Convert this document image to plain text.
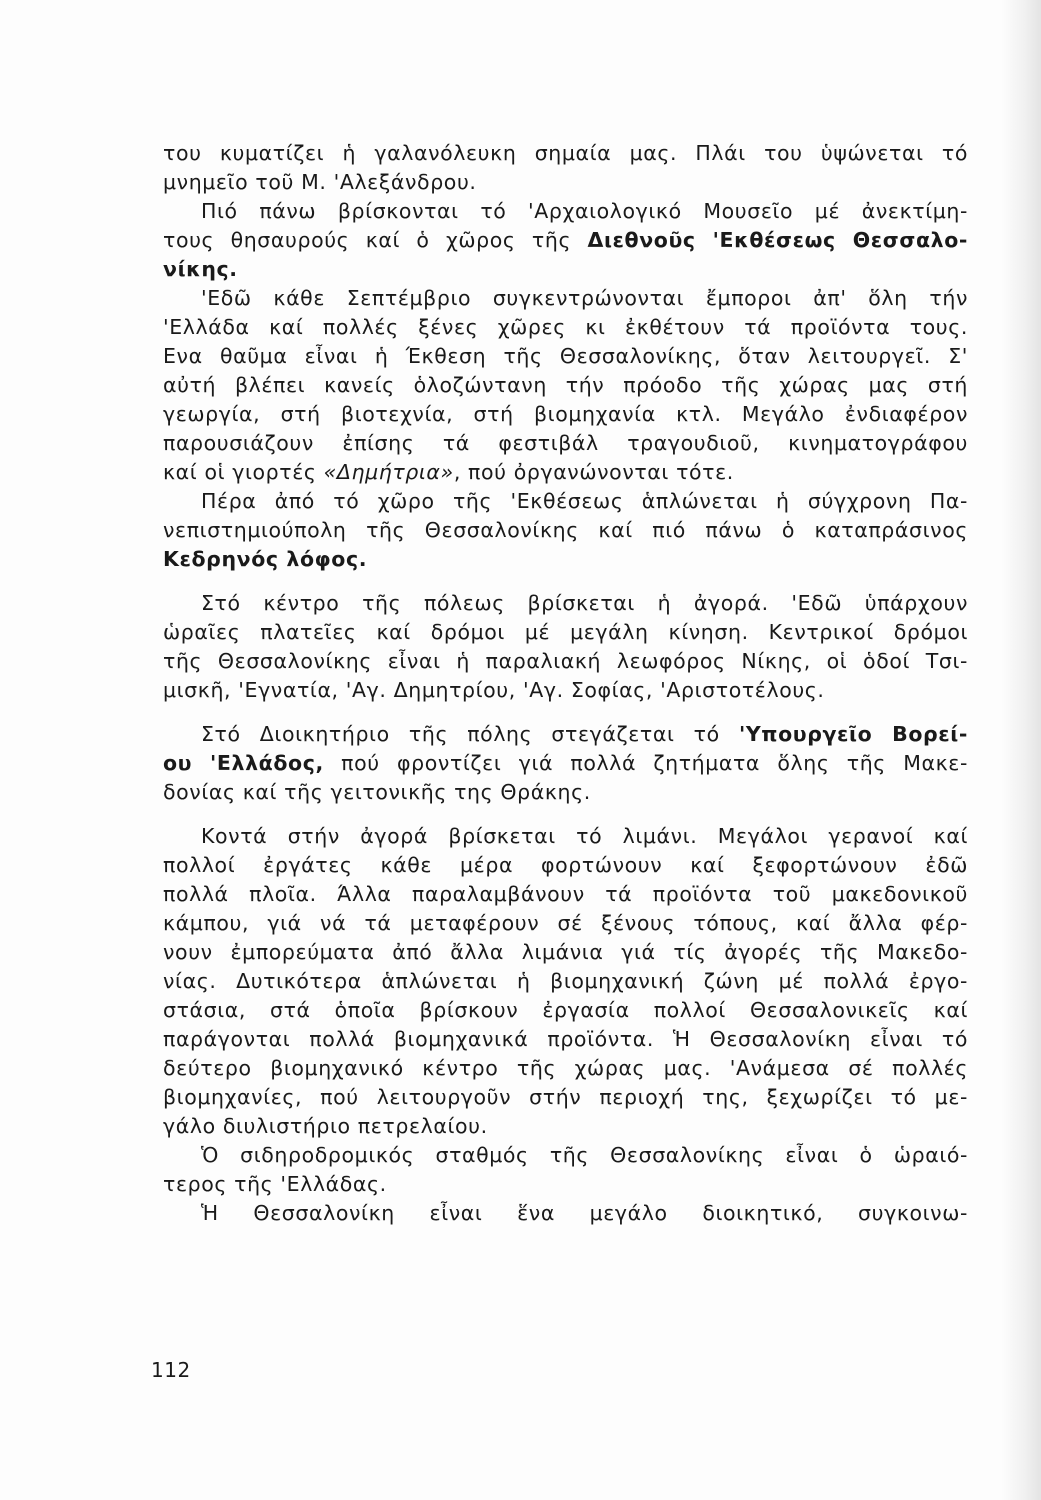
του κυματίζει ἡ γαλανόλευκη σημαία μας. Πλάι του ὑψώνεται τό
μνημεῖο τοῦ Μ. 'Αλεξάνδρου.
Πιό πάνω βρίσκονται τό 'Αρχαιολογικό Μουσεῖο μέ ἀνεκτίμη-
τους θησαυρούς καί ὁ χῶρος τῆς Διεθνοῦς 'Εκθέσεως Θεσσαλο-
νίκης.
'Εδῶ κάθε Σεπτέμβριο συγκεντρώνονται ἔμποροι ἀπ' ὅλη τήν
'Ελλάδα καί πολλές ξένες χῶρες κι ἐκθέτουν τά προϊόντα τους.
Ενα θαῦμα εἶναι ἡ Έκθεση τῆς Θεσσαλονίκης, ὅταν λειτουργεῖ. Σ'
αὐτή βλέπει κανείς ὁλοζώντανη τήν πρόοδο τῆς χώρας μας στή
γεωργία, στή βιοτεχνία, στή βιομηχανία κτλ. Μεγάλο ἐνδιαφέρον
παρουσιάζουν ἐπίσης τά φεστιβάλ τραγουδιοῦ, κινηματογράφου
καί οἱ γιορτές «Δημήτρια», πού ὀργανώνονται τότε.
Πέρα ἀπό τό χῶρο τῆς 'Εκθέσεως ἁπλώνεται ἡ σύγχρονη Πα-
νεπιστημιούπολη τῆς Θεσσαλονίκης καί πιό πάνω ὁ καταπράσινος
Κεδρηνός λόφος.
Στό κέντρο τῆς πόλεως βρίσκεται ἡ ἀγορά. 'Εδῶ ὑπάρχουν
ὡραῖες πλατεῖες καί δρόμοι μέ μεγάλη κίνηση. Κεντρικοί δρόμοι
τῆς Θεσσαλονίκης εἶναι ἡ παραλιακή λεωφόρος Νίκης, οἱ ὁδοί Τσι-
μισκῆ, 'Εγνατία, 'Αγ. Δημητρίου, 'Αγ. Σοφίας, 'Αριστοτέλους.
Στό Διοικητήριο τῆς πόλης στεγάζεται τό 'Υπουργεῖο Βορεί-
ου 'Ελλάδος, πού φροντίζει γιά πολλά ζητήματα ὅλης τῆς Μακε-
δονίας καί τῆς γειτονικῆς της Θράκης.
Κοντά στήν ἀγορά βρίσκεται τό λιμάνι. Μεγάλοι γερανοί καί
πολλοί ἐργάτες κάθε μέρα φορτώνουν καί ξεφορτώνουν ἐδῶ
πολλά πλοῖα. Άλλα παραλαμβάνουν τά προϊόντα τοῦ μακεδονικοῦ
κάμπου, γιά νά τά μεταφέρουν σέ ξένους τόπους, καί ἄλλα φέρ-
νουν ἐμπορεύματα ἀπό ἄλλα λιμάνια γιά τίς ἀγορές τῆς Μακεδο-
νίας. Δυτικότερα ἁπλώνεται ἡ βιομηχανική ζώνη μέ πολλά ἐργο-
στάσια, στά ὁποῖα βρίσκουν ἐργασία πολλοί Θεσσαλονικεῖς καί
παράγονται πολλά βιομηχανικά προϊόντα. Ἡ Θεσσαλονίκη εἶναι τό
δεύτερο βιομηχανικό κέντρο τῆς χώρας μας. 'Ανάμεσα σέ πολλές
βιομηχανίες, πού λειτουργοῦν στήν περιοχή της, ξεχωρίζει τό με-
γάλο διυλιστήριο πετρελαίου.
Ὁ σιδηροδρομικός σταθμός τῆς Θεσσαλονίκης εἶναι ὁ ὡραιό-
τερος τῆς 'Ελλάδας.
Ἡ Θεσσαλονίκη εἶναι ἕνα μεγάλο διοικητικό, συγκοινω-
112
